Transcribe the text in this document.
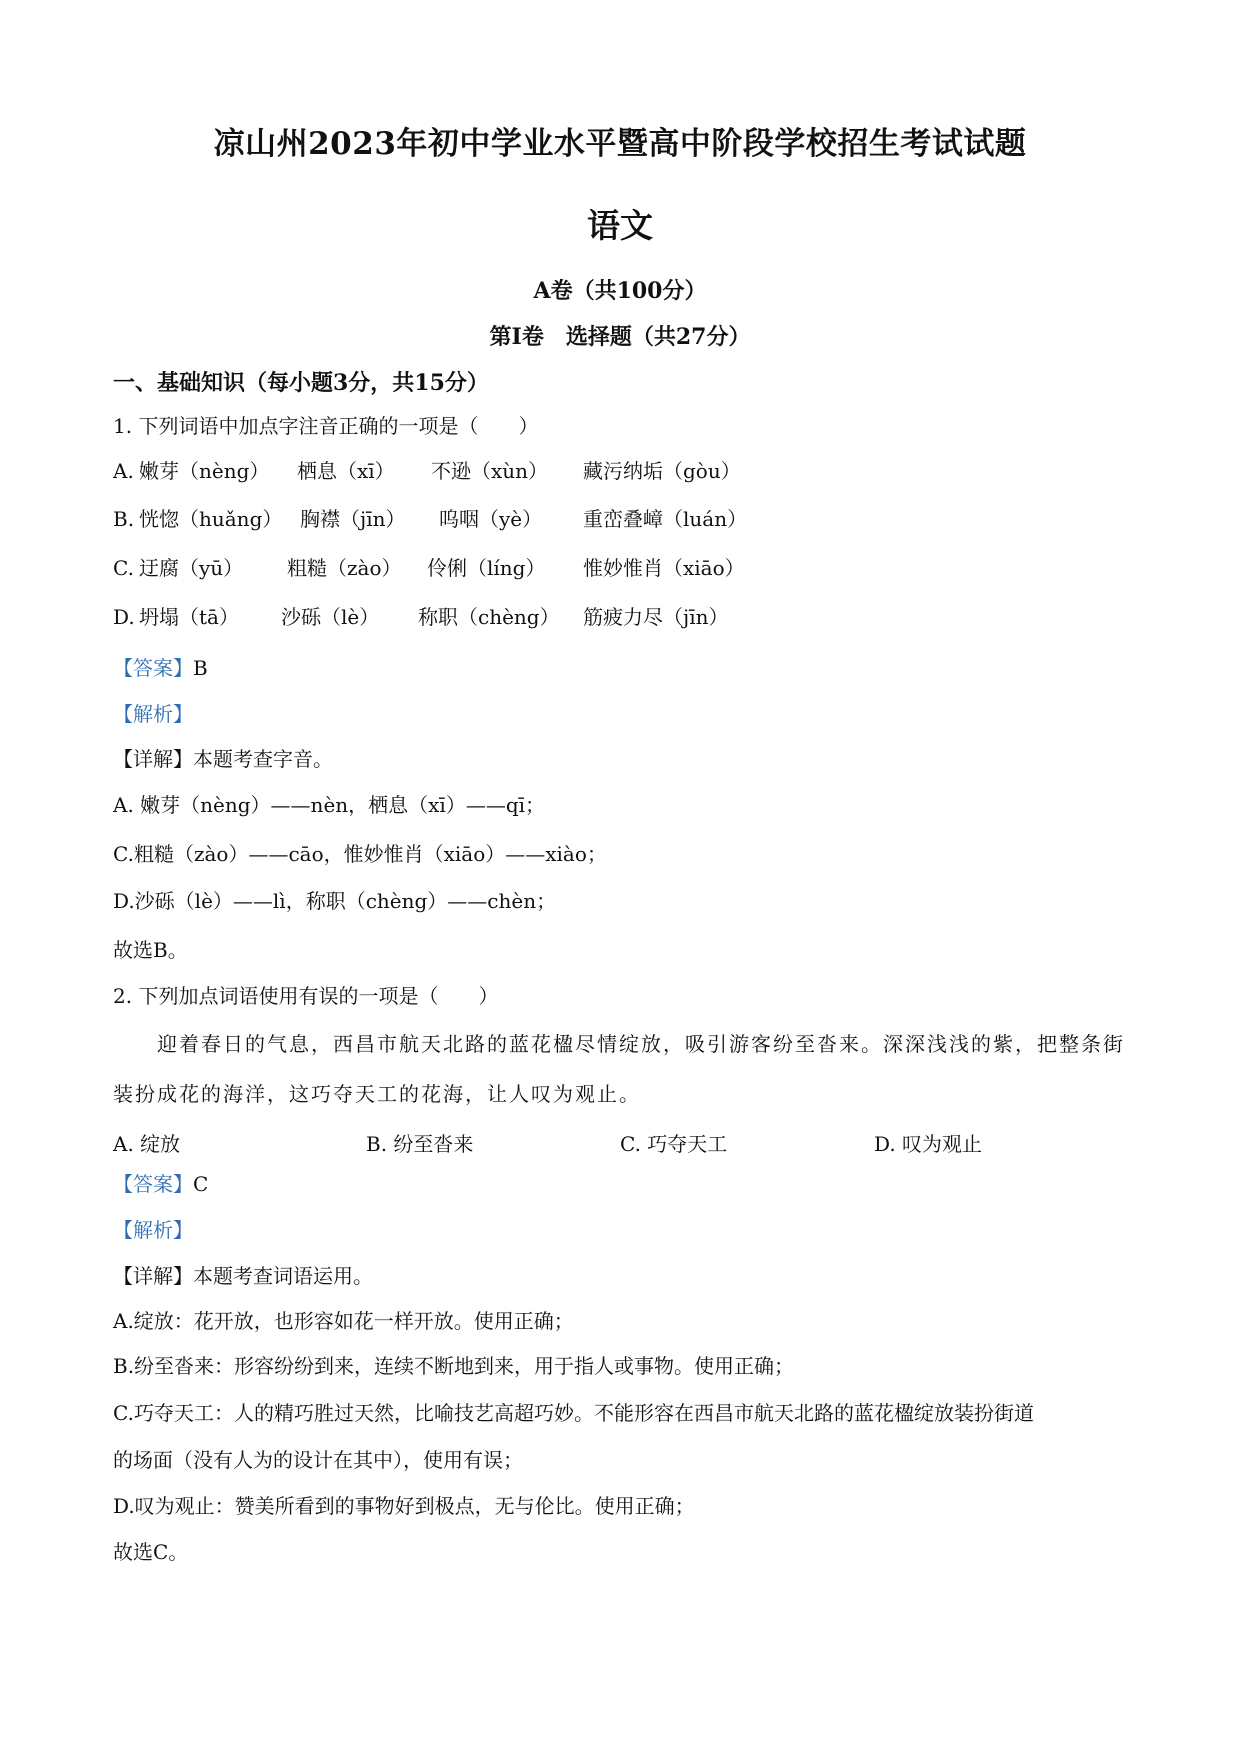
凉山州2023年初中学业水平暨高中阶段学校招生考试试题
语文
A卷（共100分）
第Ⅰ卷　选择题（共27分）
一、基础知识（每小题3分，共15分）
1. 下列词语中加点字注音正确的一项是（　　）
A. 嫩芽（nèng） 栖息（xī） 不逊（xùn） 藏污纳垢（gòu）
B. 恍惚（huǎng） 胸襟（jīn） 呜咽（yè） 重峦叠嶂（luán）
C. 迂腐（yū） 粗糙（zào） 伶俐（líng） 惟妙惟肖（xiāo）
D. 坍塌（tā） 沙砾（lè） 称职（chèng） 筋疲力尽（jīn）
【答案】B
【解析】
【详解】本题考查字音。
A. 嫩芽（nèng）——nèn，栖息（xī）——qī；
C.粗糙（zào）——cāo，惟妙惟肖（xiāo）——xiào；
D.沙砾（lè）——lì，称职（chèng）——chèn；
故选B。
2. 下列加点词语使用有误的一项是（　　）
迎着春日的气息，西昌市航天北路的蓝花楹尽情绽放，吸引游客纷至沓来。深深浅浅的紫，把整条街
装扮成花的海洋，这巧夺天工的花海，让人叹为观止。
A. 绽放	B. 纷至沓来	C. 巧夺天工	D. 叹为观止
【答案】C
【解析】
【详解】本题考查词语运用。
A.绽放：花开放，也形容如花一样开放。使用正确；
B.纷至沓来：形容纷纷到来，连续不断地到来，用于指人或事物。使用正确；
C.巧夺天工：人的精巧胜过天然，比喻技艺高超巧妙。不能形容在西昌市航天北路的蓝花楹绽放装扮街道
的场面（没有人为的设计在其中），使用有误；
D.叹为观止：赞美所看到的事物好到极点，无与伦比。使用正确；
故选C。
